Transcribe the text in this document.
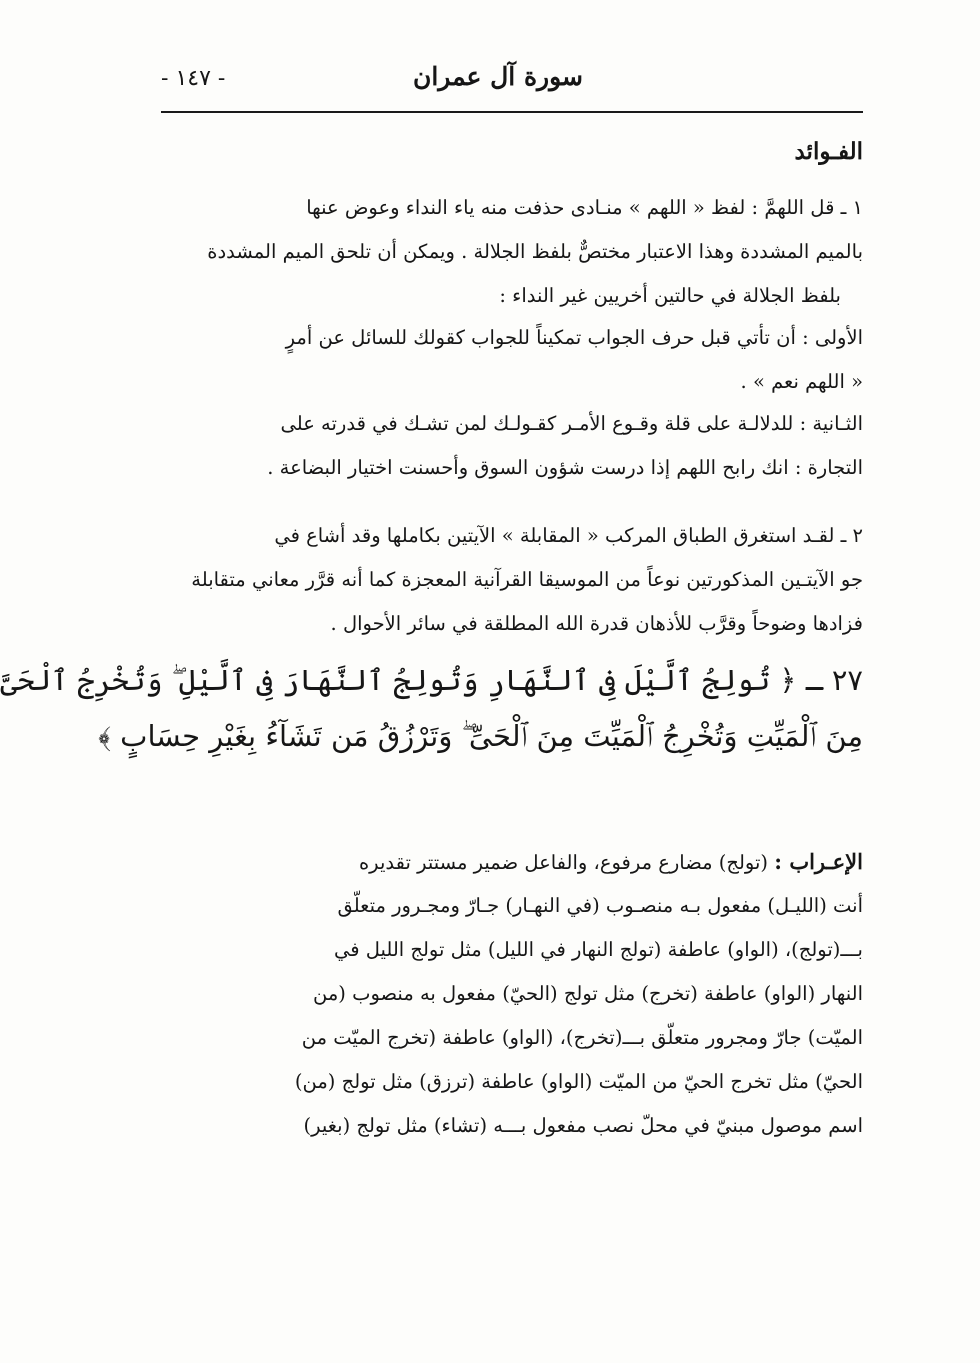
سورة آل عمران
- ١٤٧ -
الفـوائد

١ ـ قل اللهمَّ : لفظ « اللهم » منـادى حذفت منه ياء النداء وعوض عنها
بالميم المشددة وهذا الاعتبار مختصٌّ بلفظ الجلالة . ويمكن أن تلحق الميم المشددة
بلفظ الجلالة في حالتين أخريين غير النداء :

الأولى : أن تأتي قبل حرف الجواب تمكيناً للجواب كقولك للسائل عن أمرٍ
« اللهم نعم » .

الثـانية : للدلالـة على قلة وقـوع الأمـر كقـولـك لمن تشـك في قدرته على
التجارة : انك رابح اللهم إذا درست شؤون السوق وأحسنت اختيار البضاعة .

٢ ـ لقـد استغرق الطباق المركب « المقابلة » الآيتين بكاملها وقد أشاع في
جو الآيتـين المذكورتين نوعاً من الموسيقا القرآنية المعجزة كما أنه قرَّر معاني متقابلة
فزادها وضوحاً وقرَّب للأذهان قدرة الله المطلقة في سائر الأحوال .

٢٧ ـ ﴿ تُولِجُ ٱلَّيْلَ فِى ٱلنَّهَارِ وَتُولِجُ ٱلنَّهَارَ فِى ٱلَّيْلِ ۖ وَتُخْرِجُ ٱلْحَىَّ
مِنَ ٱلْمَيِّتِ وَتُخْرِجُ ٱلْمَيِّتَ مِنَ ٱلْحَىِّ ۖ وَتَرْزُقُ مَن تَشَآءُ بِغَيْرِ حِسَابٍ ﴾

الإعـراب : (تولج) مضارع مرفوع، والفاعل ضمير مستتر تقديره
أنت (الليـل) مفعول بـه منصـوب (في النهـار) جـارّ ومجـرور متعلّق
بـــ(تولج)، (الواو) عاطفة (تولج النهار في الليل) مثل تولج الليل في
النهار (الواو) عاطفة (تخرج) مثل تولج (الحيّ) مفعول به منصوب (من
الميّت) جارّ ومجرور متعلّق بـــ(تخرج)، (الواو) عاطفة (تخرج الميّت من
الحيّ) مثل تخرج الحيّ من الميّت (الواو) عاطفة (ترزق) مثل تولج (من)
اسم موصول مبنيّ في محلّ نصب مفعول بـــه (تشاء) مثل تولج (بغير)
